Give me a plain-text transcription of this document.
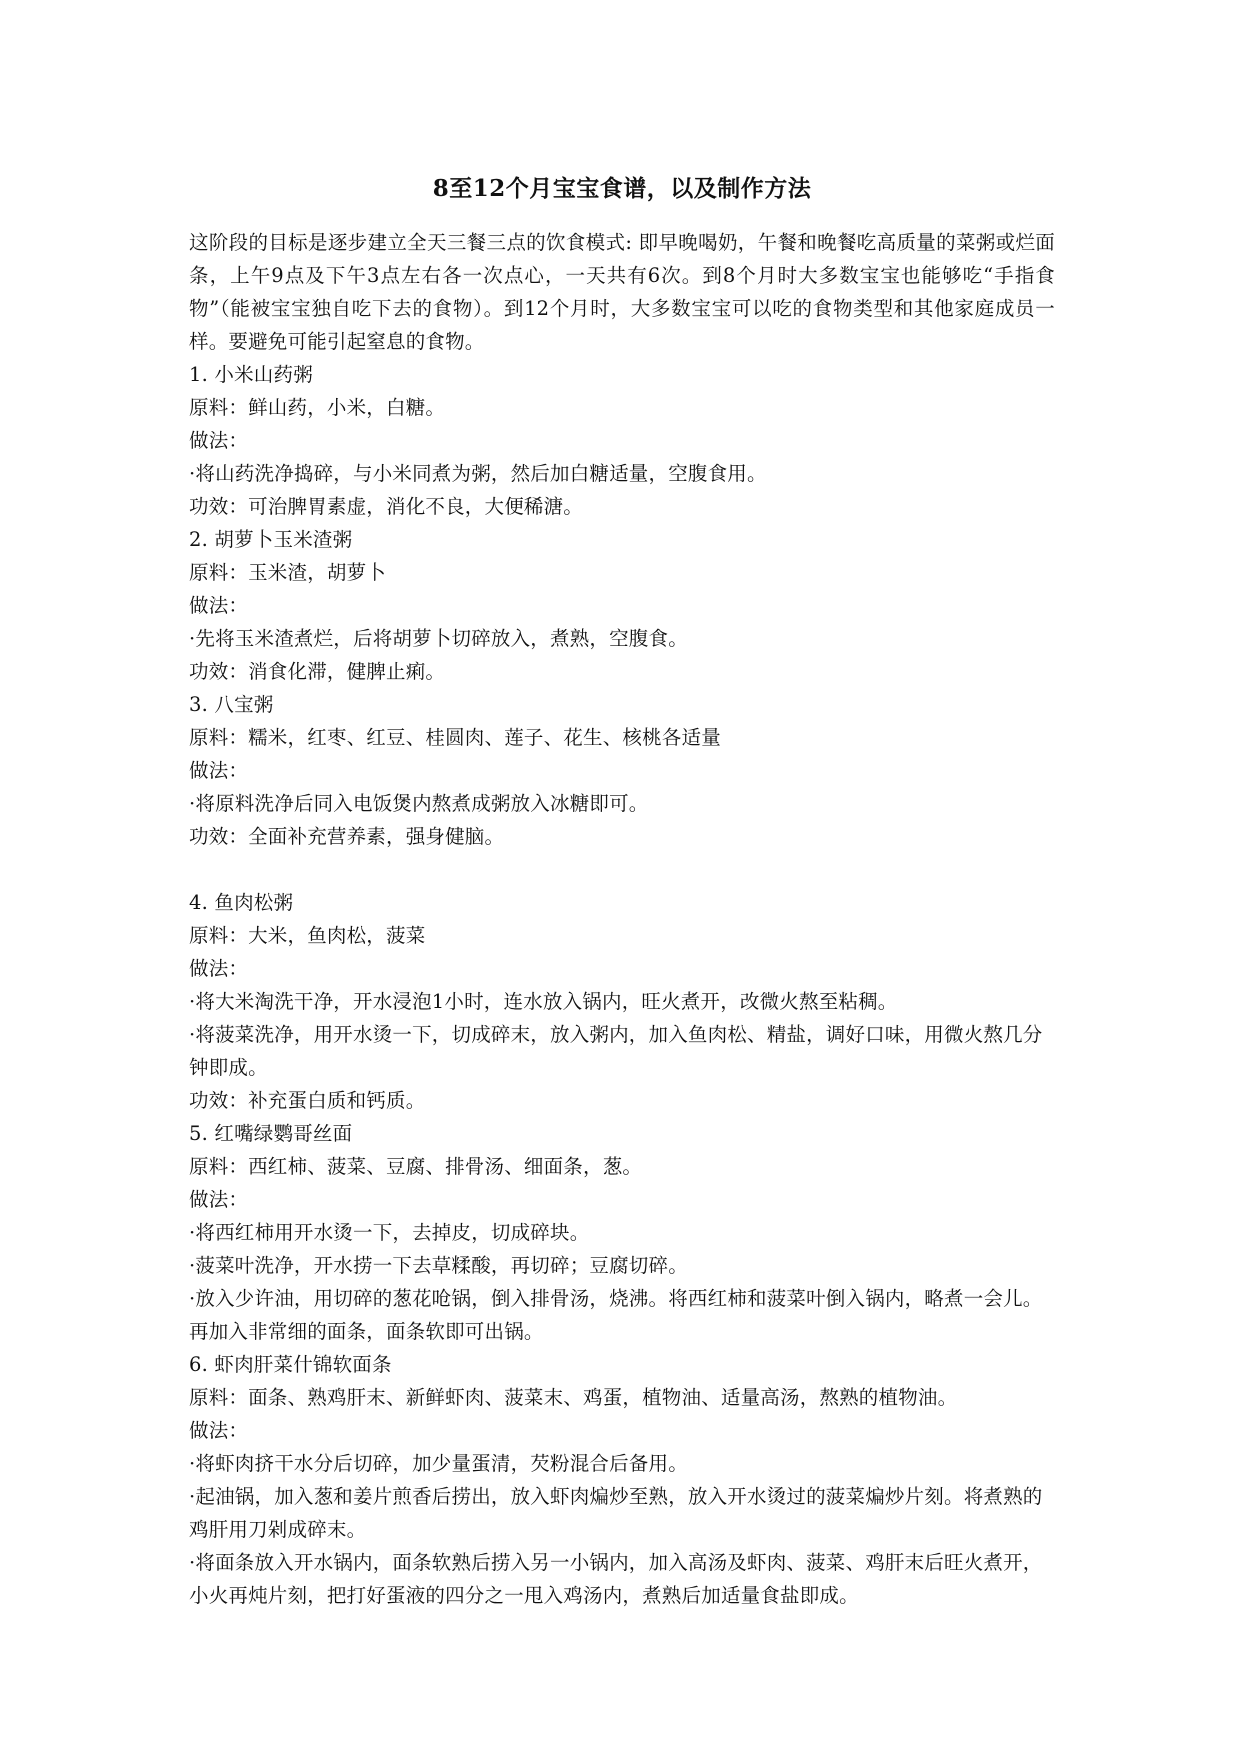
8至12个月宝宝食谱，以及制作方法

这阶段的目标是逐步建立全天三餐三点的饮食模式: 即早晚喝奶，午餐和晚餐吃高质量的菜粥或烂面条，上午9点及下午3点左右各一次点心，一天共有6次。到8个月时大多数宝宝也能够吃“手指食物”（能被宝宝独自吃下去的食物）。到12个月时，大多数宝宝可以吃的食物类型和其他家庭成员一样。要避免可能引起窒息的食物。

1. 小米山药粥

原料：鲜山药，小米，白糖。

做法：

·将山药洗净捣碎，与小米同煮为粥，然后加白糖适量，空腹食用。

功效：可治脾胃素虚，消化不良，大便稀溏。

2. 胡萝卜玉米渣粥

原料：玉米渣，胡萝卜

做法：

·先将玉米渣煮烂，后将胡萝卜切碎放入，煮熟，空腹食。

功效：消食化滞，健脾止痢。

3. 八宝粥

原料：糯米，红枣、红豆、桂圆肉、莲子、花生、核桃各适量

做法：

·将原料洗净后同入电饭煲内熬煮成粥放入冰糖即可。

功效：全面补充营养素，强身健脑。

4. 鱼肉松粥

原料：大米，鱼肉松，菠菜

做法：

·将大米淘洗干净，开水浸泡1小时，连水放入锅内，旺火煮开，改微火熬至粘稠。

·将菠菜洗净，用开水烫一下，切成碎末，放入粥内，加入鱼肉松、精盐，调好口味，用微火熬几分钟即成。

功效：补充蛋白质和钙质。

5. 红嘴绿鹦哥丝面

原料：西红柿、菠菜、豆腐、排骨汤、细面条，葱。

做法：

·将西红柿用开水烫一下，去掉皮，切成碎块。

·菠菜叶洗净，开水捞一下去草糅酸，再切碎；豆腐切碎。

·放入少许油，用切碎的葱花呛锅，倒入排骨汤，烧沸。将西红柿和菠菜叶倒入锅内，略煮一会儿。再加入非常细的面条，面条软即可出锅。

6. 虾肉肝菜什锦软面条

原料：面条、熟鸡肝末、新鲜虾肉、菠菜末、鸡蛋，植物油、适量高汤，熬熟的植物油。

做法：

·将虾肉挤干水分后切碎，加少量蛋清，芡粉混合后备用。

·起油锅，加入葱和姜片煎香后捞出，放入虾肉煸炒至熟，放入开水烫过的菠菜煸炒片刻。将煮熟的鸡肝用刀剁成碎末。

·将面条放入开水锅内，面条软熟后捞入另一小锅内，加入高汤及虾肉、菠菜、鸡肝末后旺火煮开，小火再炖片刻，把打好蛋液的四分之一甩入鸡汤内，煮熟后加适量食盐即成。
